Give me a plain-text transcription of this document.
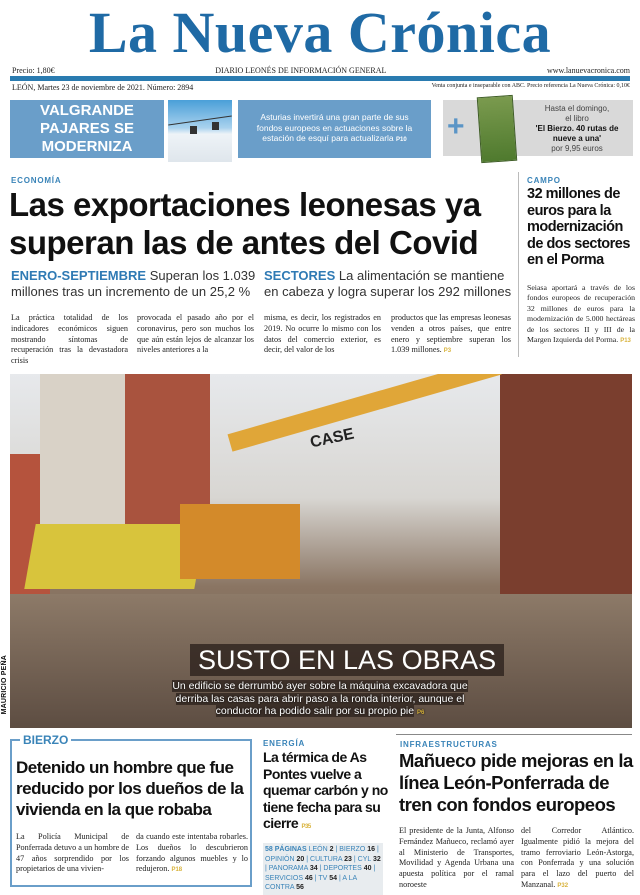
La Nueva Crónica
Precio: 1,80€	DIARIO LEONÉS DE INFORMACIÓN GENERAL	www.lanuevacronica.com
LEÓN, Martes 23 de noviembre de 2021. Número: 2894	Venta conjunta e inseparable con ABC. Precio referencia La Nueva Crónica: 0,10€
VALGRANDE PAJARES SE MODERNIZA
Asturias invertirá una gran parte de sus fondos europeos en actuaciones sobre la estación de esquí para actualizarla P10	+
Hasta el domingo,
el libro
'El Bierzo. 40 rutas de nueve a una'
por 9,95 euros
ECONOMÍA
Las exportaciones leonesas ya superan las de antes del Covid
ENERO-SEPTIEMBRE Superan los 1.039 millones tras un incremento de un 25,2 %
SECTORES La alimentación se mantiene en cabeza y logra superar los 292 millones
La práctica totalidad de los indicadores económicos siguen mostrando síntomas de recuperación tras la devastadora crisis
provocada el pasado año por el coronavirus, pero son muchos los que aún están lejos de alcanzar los niveles anteriores a la
misma, es decir, los registrados en 2019. No ocurre lo mismo con los datos del comercio exterior, es decir, del valor de los
productos que las empresas leonesas venden a otros países, que entre enero y septiembre superan los 1.039 millones. P3
CAMPO
32 millones de euros para la modernización de dos sectores en el Porma
Seiasa aportará a través de los fondos europeos de recuperación 32 millones de euros para la modernización de 5.000 hectáreas de los sectores II y III de la Margen Izquierda del Porma. P13
CASE
SUSTO EN LAS OBRAS
Un edificio se derrumbó ayer sobre la máquina excavadora que derriba las casas para abrir paso a la ronda interior, aunque el conductor ha podido salir por su propio pie P6
MAURICIO PEÑA
BIERZO
Detenido un hombre que fue reducido por los dueños de la vivienda en la que robaba
La Policía Municipal de Ponferrada detuvo a un hombre de 47 años sorprendido por los propietarios de una vivien-
da cuando este intentaba robarles. Los dueños lo descubrieron forzando algunos muebles y lo redujeron. P18
ENERGÍA
La térmica de As Pontes vuelve a quemar carbón y no tiene fecha para su cierre P35
58 PÁGINAS LEÓN 2 | BIERZO 16 | OPINIÓN 20 | CULTURA 23 | CYL 32 | PANORAMA 34 | DEPORTES 40 | SERVICIOS 46 | TV 54 | A LA CONTRA 56
INFRAESTRUCTURAS
Mañueco pide mejoras en la línea León-Ponferrada de tren con fondos europeos
El presidente de la Junta, Alfonso Fernández Mañueco, reclamó ayer al Ministerio de Transportes, Movilidad y Agenda Urbana una apuesta política por el ramal noroeste
del Corredor Atlántico. Igualmente pidió la mejora del tramo ferroviario León-Astorga, con Ponferrada y una solución para el lazo del puerto del Manzanal. P32
